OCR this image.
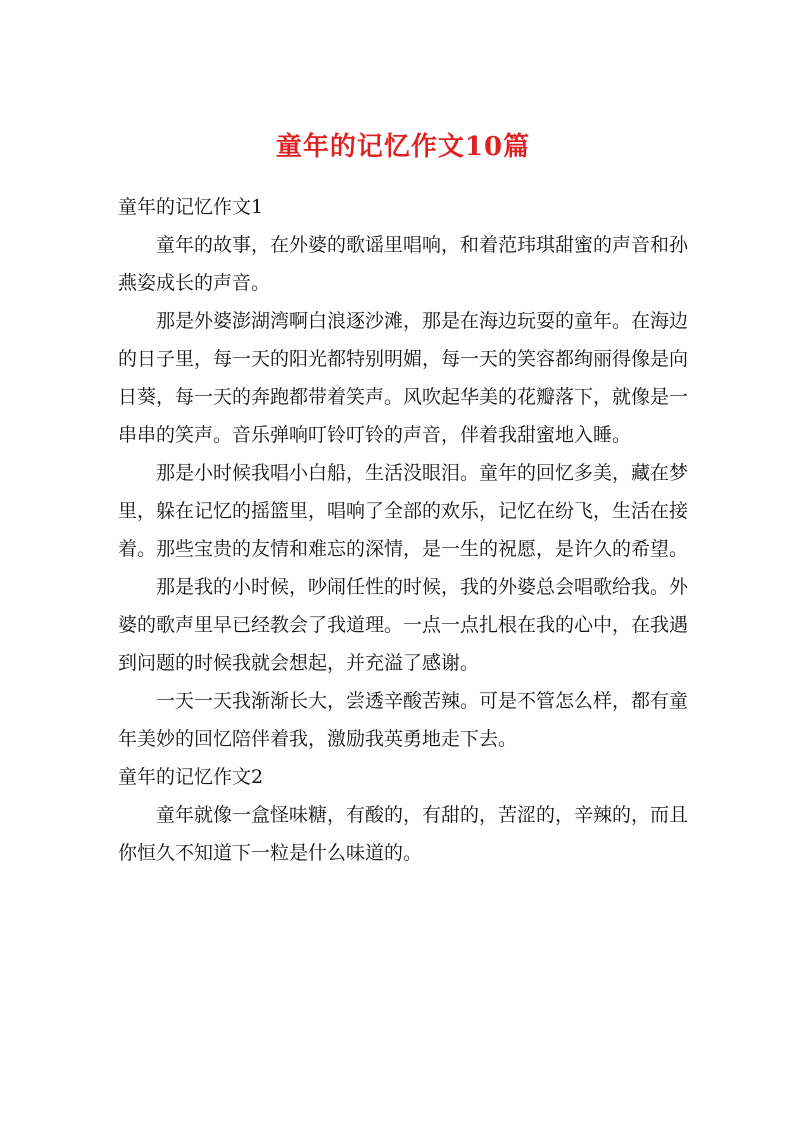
童年的记忆作文10篇
童年的记忆作文1

童年的故事，在外婆的歌谣里唱响，和着范玮琪甜蜜的声音和孙燕姿成长的声音。

那是外婆澎湖湾啊白浪逐沙滩，那是在海边玩耍的童年。在海边的日子里，每一天的阳光都特别明媚，每一天的笑容都绚丽得像是向日葵，每一天的奔跑都带着笑声。风吹起华美的花瓣落下，就像是一串串的笑声。音乐弹响叮铃叮铃的声音，伴着我甜蜜地入睡。

那是小时候我唱小白船，生活没眼泪。童年的回忆多美，藏在梦里，躲在记忆的摇篮里，唱响了全部的欢乐，记忆在纷飞，生活在接着。那些宝贵的友情和难忘的深情，是一生的祝愿，是许久的希望。

那是我的小时候，吵闹任性的时候，我的外婆总会唱歌给我。外婆的歌声里早已经教会了我道理。一点一点扎根在我的心中，在我遇到问题的时候我就会想起，并充溢了感谢。

一天一天我渐渐长大，尝透辛酸苦辣。可是不管怎么样，都有童年美妙的回忆陪伴着我，激励我英勇地走下去。

童年的记忆作文2

童年就像一盒怪味糖，有酸的，有甜的，苦涩的，辛辣的，而且你恒久不知道下一粒是什么味道的。
